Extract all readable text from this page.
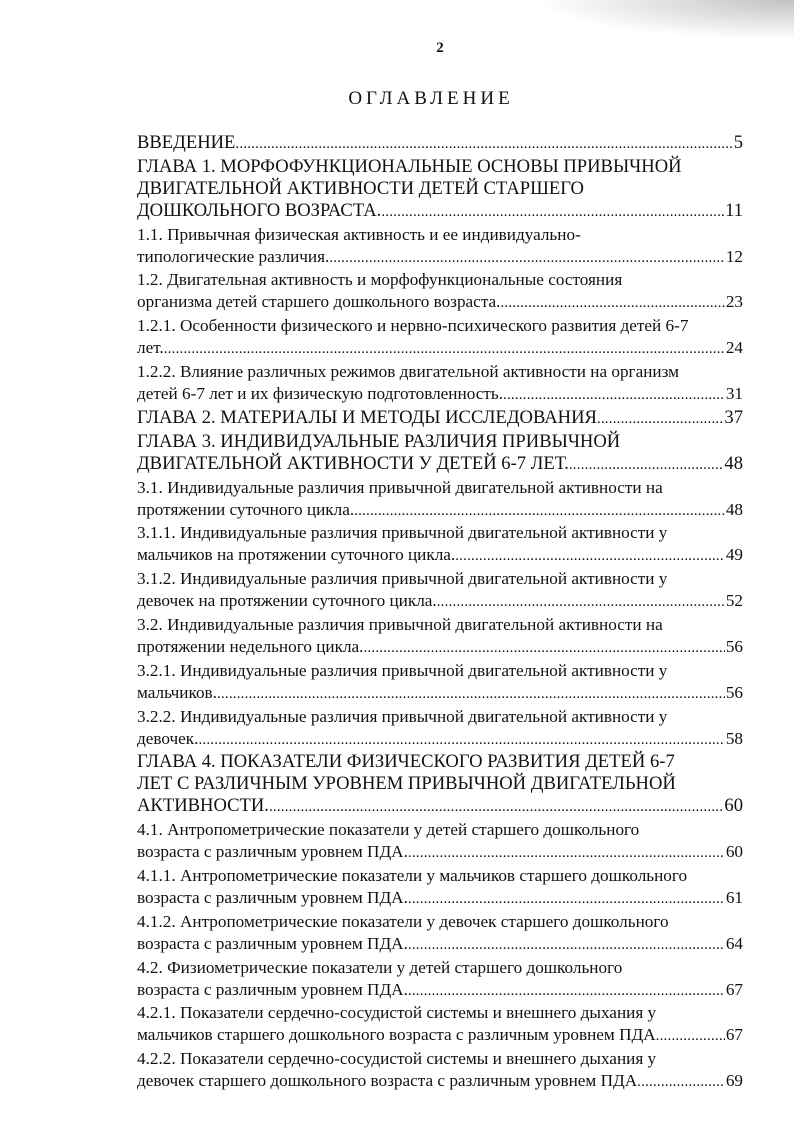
2
ОГЛАВЛЕНИЕ
ВВЕДЕНИЕ .....	5
ГЛАВА 1. МОРФОФУНКЦИОНАЛЬНЫЕ ОСНОВЫ ПРИВЫЧНОЙ
ДВИГАТЕЛЬНОЙ АКТИВНОСТИ ДЕТЕЙ СТАРШЕГО
ДОШКОЛЬНОГО ВОЗРАСТА. .....	11
1.1. Привычная физическая активность и ее индивидуально-
типологические различия. .....	12
1.2. Двигательная активность и морфофункциональные состояния
организма детей старшего дошкольного возраста. .....	23
1.2.1. Особенности физического и нервно-психического развития детей 6-7
лет. .....	24
1.2.2. Влияние различных режимов двигательной активности на организм
детей 6-7 лет и их физическую подготовленность. .....	31
ГЛАВА 2. МАТЕРИАЛЫ И МЕТОДЫ ИССЛЕДОВАНИЯ .....	37
ГЛАВА 3. ИНДИВИДУАЛЬНЫЕ РАЗЛИЧИЯ ПРИВЫЧНОЙ
ДВИГАТЕЛЬНОЙ АКТИВНОСТИ У ДЕТЕЙ 6-7 ЛЕТ. .....	48
3.1. Индивидуальные различия привычной двигательной активности на
протяжении суточного цикла. .....	48
3.1.1. Индивидуальные различия привычной двигательной активности у
мальчиков на протяжении суточного цикла. .....	49
3.1.2. Индивидуальные различия привычной двигательной активности у
девочек на протяжении суточного цикла. .....	52
3.2. Индивидуальные различия привычной двигательной активности на
протяжении недельного цикла. .....	56
3.2.1. Индивидуальные различия привычной двигательной активности у
мальчиков. .....	56
3.2.2. Индивидуальные различия привычной двигательной активности у
девочек. .....	58
ГЛАВА 4. ПОКАЗАТЕЛИ ФИЗИЧЕСКОГО РАЗВИТИЯ ДЕТЕЙ 6-7
ЛЕТ С РАЗЛИЧНЫМ УРОВНЕМ ПРИВЫЧНОЙ ДВИГАТЕЛЬНОЙ
АКТИВНОСТИ. .....	60
4.1. Антропометрические показатели у детей старшего дошкольного
возраста с различным уровнем ПДА. .....	60
4.1.1. Антропометрические показатели у мальчиков старшего дошкольного
возраста с различным уровнем ПДА. .....	61
4.1.2. Антропометрические показатели у девочек старшего дошкольного
возраста с различным уровнем ПДА. .....	64
4.2. Физиометрические показатели у детей старшего дошкольного
возраста с различным уровнем ПДА. .....	67
4.2.1. Показатели сердечно-сосудистой системы и внешнего дыхания у
мальчиков старшего дошкольного возраста с различным уровнем ПДА .....	67
4.2.2. Показатели сердечно-сосудистой системы и внешнего дыхания у
девочек старшего дошкольного возраста с различным уровнем ПДА .....	69
